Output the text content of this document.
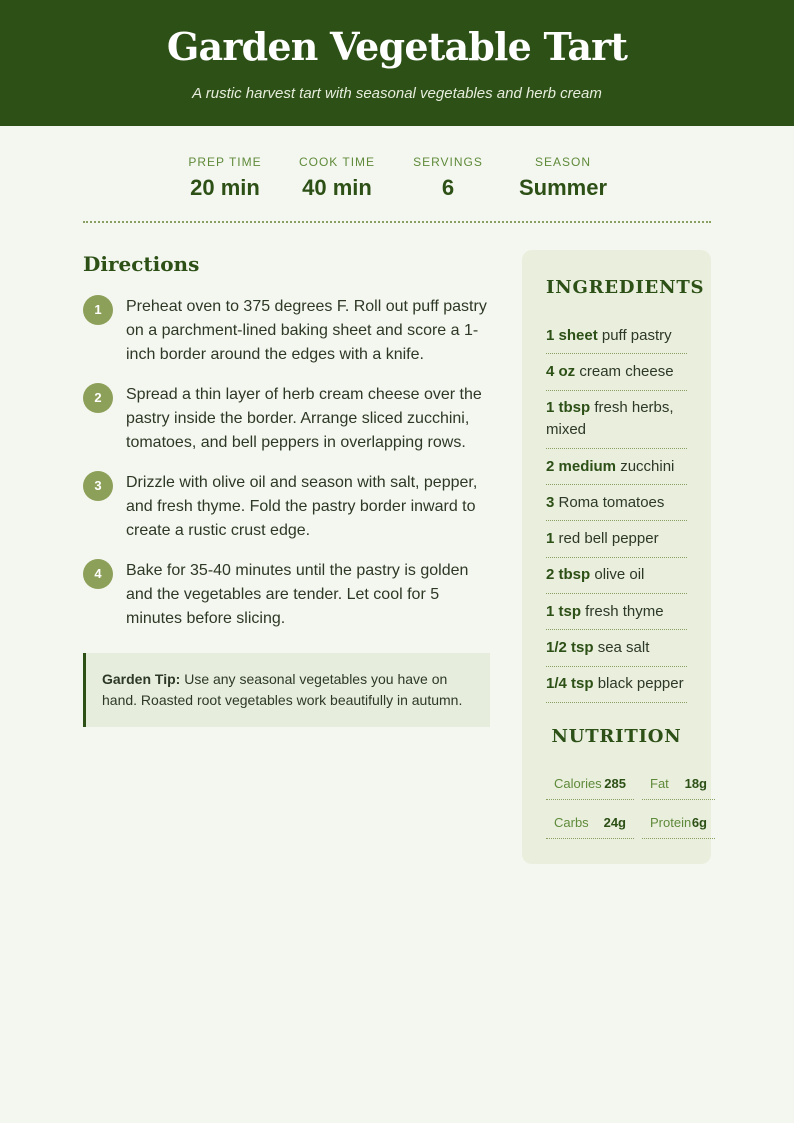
Garden Vegetable Tart
A rustic harvest tart with seasonal vegetables and herb cream
PREP TIME
20 min
COOK TIME
40 min
SERVINGS
6
SEASON
Summer
Directions
1	Preheat oven to 375 degrees F. Roll out puff pastry on a parchment-lined baking sheet and score a 1-inch border around the edges with a knife.
2	Spread a thin layer of herb cream cheese over the pastry inside the border. Arrange sliced zucchini, tomatoes, and bell peppers in overlapping rows.
3	Drizzle with olive oil and season with salt, pepper, and fresh thyme. Fold the pastry border inward to create a rustic crust edge.
4	Bake for 35-40 minutes until the pastry is golden and the vegetables are tender. Let cool for 5 minutes before slicing.
Garden Tip: Use any seasonal vegetables you have on hand. Roasted root vegetables work beautifully in autumn.
INGREDIENTS
1 sheet puff pastry
4 oz cream cheese
1 tbsp fresh herbs, mixed
2 medium zucchini
3 Roma tomatoes
1 red bell pepper
2 tbsp olive oil
1 tsp fresh thyme
1/2 tsp sea salt
1/4 tsp black pepper
NUTRITION
Calories 285 Fat 18g
Carbs 24g Protein 6g
